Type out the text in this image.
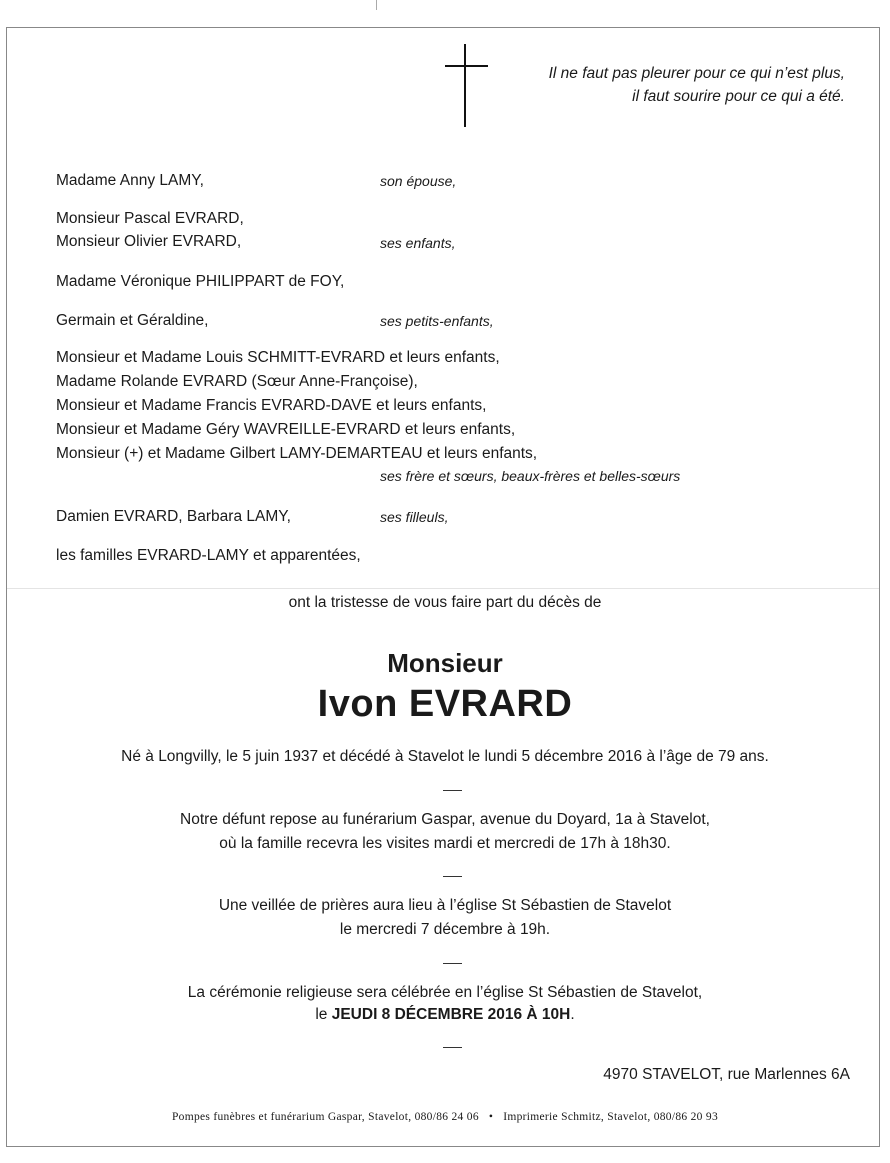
Il ne faut pas pleurer pour ce qui n’est plus,
il faut sourire pour ce qui a été.
Madame Anny LAMY,	son épouse,
Monsieur Pascal EVRARD,
Monsieur Olivier EVRARD,	ses enfants,
Madame Véronique PHILIPPART de FOY,
Germain et Géraldine,	ses petits-enfants,
Monsieur et Madame Louis SCHMITT-EVRARD et leurs enfants,
Madame Rolande EVRARD (Sœur Anne-Françoise),
Monsieur et Madame Francis EVRARD-DAVE et leurs enfants,
Monsieur et Madame Géry WAVREILLE-EVRARD et leurs enfants,
Monsieur (+) et Madame Gilbert LAMY-DEMARTEAU et leurs enfants,
ses frère et sœurs, beaux-frères et belles-sœurs
Damien EVRARD, Barbara LAMY,	ses filleuls,
les familles EVRARD-LAMY et apparentées,
ont la tristesse de vous faire part du décès de
Monsieur
Ivon EVRARD
Né à Longvilly, le 5 juin 1937 et décédé à Stavelot le lundi 5 décembre 2016 à l’âge de 79 ans.
Notre défunt repose au funérarium Gaspar, avenue du Doyard, 1a à Stavelot,
où la famille recevra les visites mardi et mercredi de 17h à 18h30.
Une veillée de prières aura lieu à l’église St Sébastien de Stavelot
le mercredi 7 décembre à 19h.
La cérémonie religieuse sera célébrée en l’église St Sébastien de Stavelot,
le JEUDI 8 DÉCEMBRE 2016 À 10H.
4970 STAVELOT, rue Marlennes 6A
Pompes funèbres et funérarium Gaspar, Stavelot, 080/86 24 06 • Imprimerie Schmitz, Stavelot, 080/86 20 93
